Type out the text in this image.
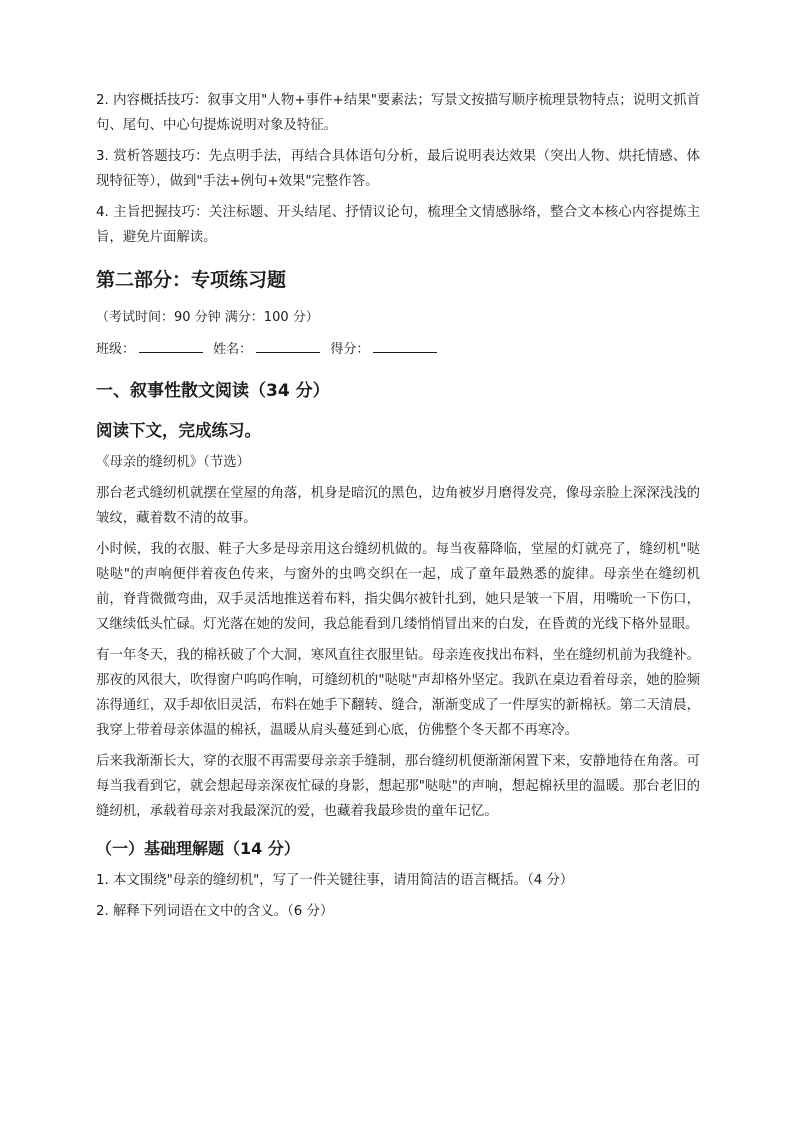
2. 内容概括技巧：叙事文用"人物+事件+结果"要素法；写景文按描写顺序梳理景物特点；说明文抓首句、尾句、中心句提炼说明对象及特征。

3. 赏析答题技巧：先点明手法，再结合具体语句分析，最后说明表达效果（突出人物、烘托情感、体现特征等），做到"手法+例句+效果"完整作答。

4. 主旨把握技巧：关注标题、开头结尾、抒情议论句，梳理全文情感脉络，整合文本核心内容提炼主旨，避免片面解读。

第二部分：专项练习题
（考试时间：90 分钟 满分：100 分）
班级：	姓名：	得分：
一、叙事性散文阅读（34 分）
阅读下文，完成练习。

《母亲的缝纫机》（节选）

那台老式缝纫机就摆在堂屋的角落，机身是暗沉的黑色，边角被岁月磨得发亮，像母亲脸上深深浅浅的皱纹，藏着数不清的故事。

小时候，我的衣服、鞋子大多是母亲用这台缝纫机做的。每当夜幕降临，堂屋的灯就亮了，缝纫机"哒哒哒"的声响便伴着夜色传来，与窗外的虫鸣交织在一起，成了童年最熟悉的旋律。母亲坐在缝纫机前，脊背微微弯曲，双手灵活地推送着布料，指尖偶尔被针扎到，她只是皱一下眉，用嘴吮一下伤口，又继续低头忙碌。灯光落在她的发间，我总能看到几缕悄悄冒出来的白发，在昏黄的光线下格外显眼。

有一年冬天，我的棉袄破了个大洞，寒风直往衣服里钻。母亲连夜找出布料，坐在缝纫机前为我缝补。那夜的风很大，吹得窗户呜呜作响，可缝纫机的"哒哒"声却格外坚定。我趴在桌边看着母亲，她的脸频冻得通红，双手却依旧灵活，布料在她手下翻转、缝合，渐渐变成了一件厚实的新棉袄。第二天清晨，我穿上带着母亲体温的棉袄，温暖从肩头蔓延到心底，仿佛整个冬天都不再寒冷。

后来我渐渐长大，穿的衣服不再需要母亲亲手缝制，那台缝纫机便渐渐闲置下来，安静地待在角落。可每当我看到它，就会想起母亲深夜忙碌的身影，想起那"哒哒"的声响，想起棉袄里的温暖。那台老旧的缝纫机，承载着母亲对我最深沉的爱，也藏着我最珍贵的童年记忆。

（一）基础理解题（14 分）

1. 本文围绕"母亲的缝纫机"，写了一件关键往事，请用简洁的语言概括。（4 分）

2. 解释下列词语在文中的含义。（6 分）
